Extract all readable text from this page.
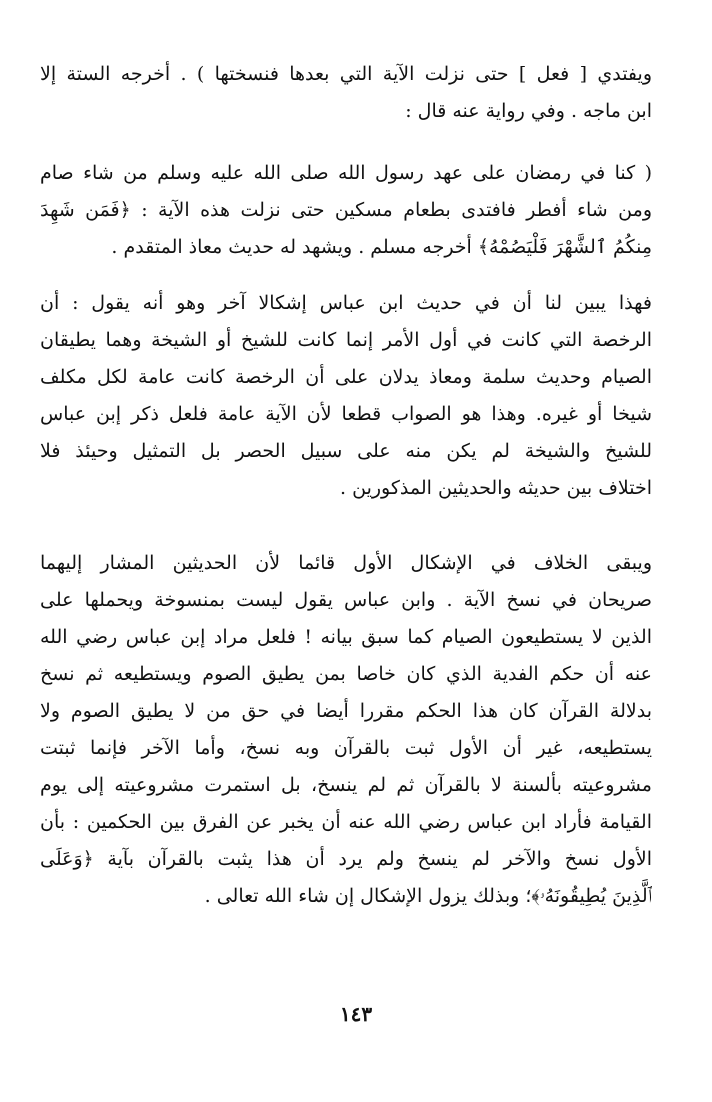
ويفتدي [ فعل ] حتى نزلت الآية التي بعدها فنسختها ) . أخرجه الستة إلا
ابن ماجه . وفي رواية عنه قال :
( كنا في رمضان على عهد رسول الله صلى الله عليه وسلم من شاء صام
ومن شاء أفطر فافتدى بطعام مسكين حتى نزلت هذه الآية : ﴿فَمَن شَهِدَ
مِنكُمُ ٱلشَّهْرَ فَلْيَصُمْهُ﴾ أخرجه مسلم . ويشهد له حديث معاذ المتقدم .
فهذا يبين لنا أن في حديث ابن عباس إشكالا آخر وهو أنه يقول : أن
الرخصة التي كانت في أول الأمر إنما كانت للشيخ أو الشيخة وهما يطيقان
الصيام وحديث سلمة ومعاذ يدلان على أن الرخصة كانت عامة لكل مكلف
شيخا أو غيره. وهذا هو الصواب قطعا لأن الآية عامة فلعل ذكر إبن عباس
للشيخ والشيخة لم يكن منه على سبيل الحصر بل التمثيل وحيئذ فلا
اختلاف بين حديثه والحديثين المذكورين .
ويبقى الخلاف في الإشكال الأول قائما لأن الحديثين المشار إليهما
صريحان في نسخ الآية . وابن عباس يقول ليست بمنسوخة ويحملها على
الذين لا يستطيعون الصيام كما سبق بيانه ! فلعل مراد إبن عباس رضي الله
عنه أن حكم الفدية الذي كان خاصا بمن يطيق الصوم ويستطيعه ثم نسخ
بدلالة القرآن كان هذا الحكم مقررا أيضا في حق من لا يطيق الصوم ولا
يستطيعه، غير أن الأول ثبت بالقرآن وبه نسخ، وأما الآخر فإنما ثبتت
مشروعيته بألسنة لا بالقرآن ثم لم ينسخ، بل استمرت مشروعيته إلى يوم
القيامة فأراد ابن عباس رضي الله عنه أن يخبر عن الفرق بين الحكمين : بأن
الأول نسخ والآخر لم ينسخ ولم يرد أن هذا يثبت بالقرآن بآية ﴿وَعَلَى
ٱلَّذِينَ يُطِيقُونَهُۥ﴾؛ وبذلك يزول الإشكال إن شاء الله تعالى .
١٤٣
